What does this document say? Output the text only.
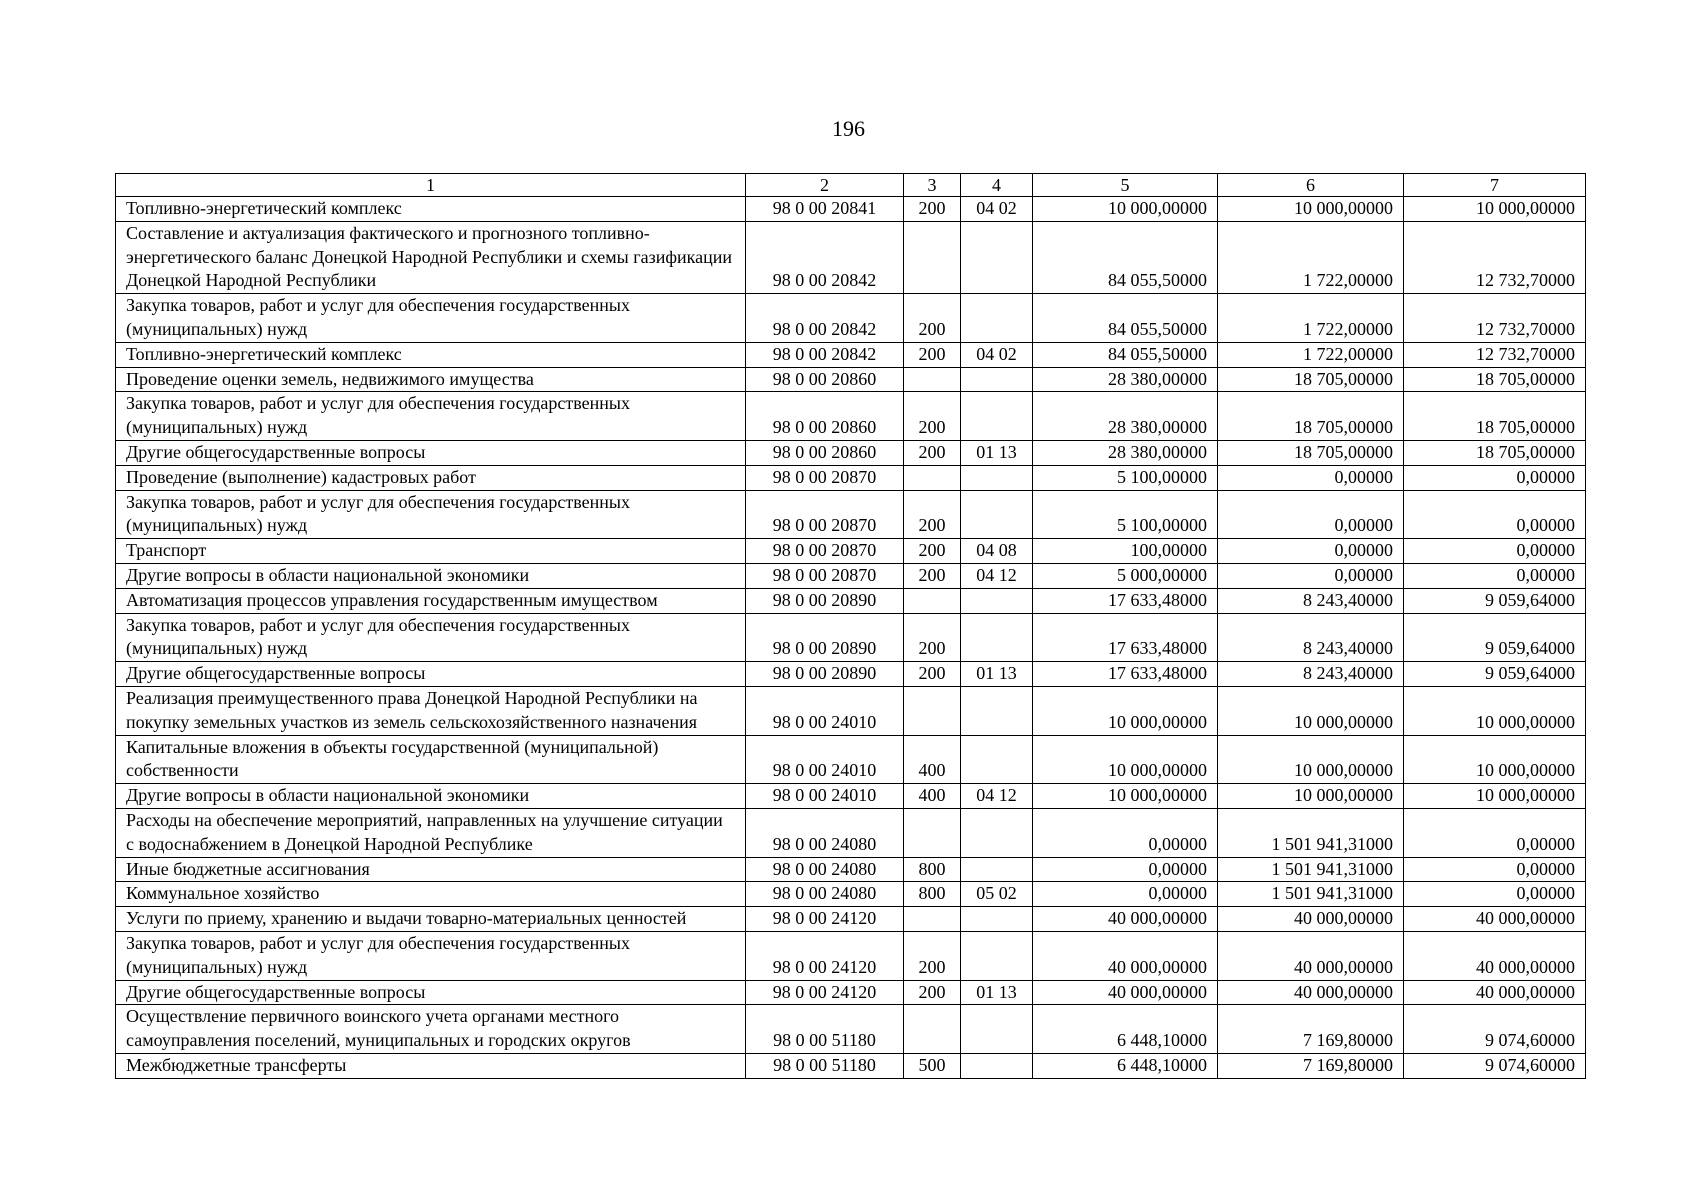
196
1	2	3	4	5	6	7
Топливно-энергетический комплекс	98 0 00 20841	200	04 02	10 000,00000	10 000,00000	10 000,00000
Составление и актуализация фактического и прогнозного топливно-энергетического баланс Донецкой Народной Республики и схемы газификации Донецкой Народной Республики	98 0 00 20842			84 055,50000	1 722,00000	12 732,70000
Закупка товаров, работ и услуг для обеспечения государственных (муниципальных) нужд	98 0 00 20842	200		84 055,50000	1 722,00000	12 732,70000
Топливно-энергетический комплекс	98 0 00 20842	200	04 02	84 055,50000	1 722,00000	12 732,70000
Проведение оценки земель, недвижимого имущества	98 0 00 20860			28 380,00000	18 705,00000	18 705,00000
Закупка товаров, работ и услуг для обеспечения государственных (муниципальных) нужд	98 0 00 20860	200		28 380,00000	18 705,00000	18 705,00000
Другие общегосударственные вопросы	98 0 00 20860	200	01 13	28 380,00000	18 705,00000	18 705,00000
Проведение (выполнение) кадастровых работ	98 0 00 20870			5 100,00000	0,00000	0,00000
Закупка товаров, работ и услуг для обеспечения государственных (муниципальных) нужд	98 0 00 20870	200		5 100,00000	0,00000	0,00000
Транспорт	98 0 00 20870	200	04 08	100,00000	0,00000	0,00000
Другие вопросы в области национальной экономики	98 0 00 20870	200	04 12	5 000,00000	0,00000	0,00000
Автоматизация процессов управления государственным имуществом	98 0 00 20890			17 633,48000	8 243,40000	9 059,64000
Закупка товаров, работ и услуг для обеспечения государственных (муниципальных) нужд	98 0 00 20890	200		17 633,48000	8 243,40000	9 059,64000
Другие общегосударственные вопросы	98 0 00 20890	200	01 13	17 633,48000	8 243,40000	9 059,64000
Реализация преимущественного права Донецкой Народной Республики на покупку земельных участков из земель сельскохозяйственного назначения	98 0 00 24010			10 000,00000	10 000,00000	10 000,00000
Капитальные вложения в объекты государственной (муниципальной) собственности	98 0 00 24010	400		10 000,00000	10 000,00000	10 000,00000
Другие вопросы в области национальной экономики	98 0 00 24010	400	04 12	10 000,00000	10 000,00000	10 000,00000
Расходы на обеспечение мероприятий, направленных на улучшение ситуации с водоснабжением в Донецкой Народной Республике	98 0 00 24080			0,00000	1 501 941,31000	0,00000
Иные бюджетные ассигнования	98 0 00 24080	800		0,00000	1 501 941,31000	0,00000
Коммунальное хозяйство	98 0 00 24080	800	05 02	0,00000	1 501 941,31000	0,00000
Услуги по приему, хранению и выдачи товарно-материальных ценностей	98 0 00 24120			40 000,00000	40 000,00000	40 000,00000
Закупка товаров, работ и услуг для обеспечения государственных (муниципальных) нужд	98 0 00 24120	200		40 000,00000	40 000,00000	40 000,00000
Другие общегосударственные вопросы	98 0 00 24120	200	01 13	40 000,00000	40 000,00000	40 000,00000
Осуществление первичного воинского учета органами местного самоуправления поселений, муниципальных и городских округов	98 0 00 51180			6 448,10000	7 169,80000	9 074,60000
Межбюджетные трансферты	98 0 00 51180	500		6 448,10000	7 169,80000	9 074,60000
